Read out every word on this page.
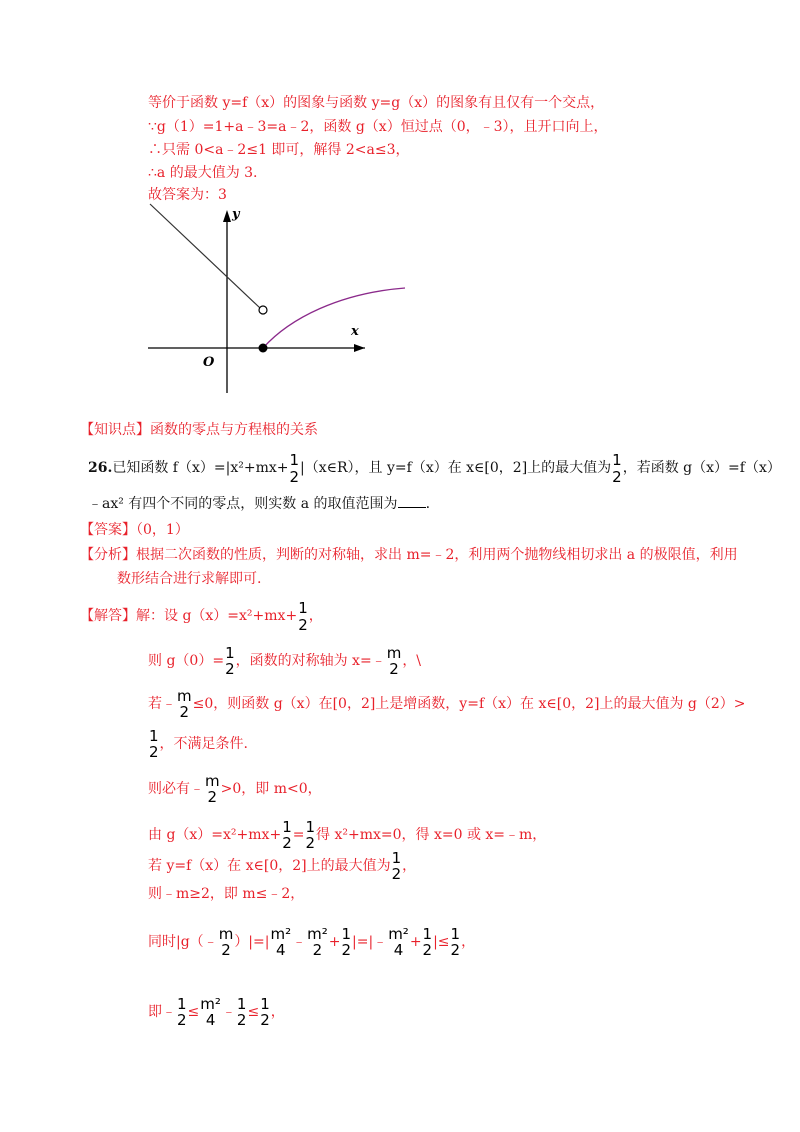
等价于函数 y=f（x）的图象与函数 y=g（x）的图象有且仅有一个交点，
∵g（1）=1+a﹣3=a﹣2，函数 g（x）恒过点（0，﹣3），且开口向上，
∴只需 0<a﹣2≤1 即可，解得 2<a≤3，
∴a 的最大值为 3.
故答案为：3
y
x
O
【知识点】函数的零点与方程根的关系
26.已知函数 f（x）=|x²+mx+ 1
2 |（x∈R），且 y=f（x）在 x∈[0，2]上的最大值为 1
2 ，若函数 g（x）=f（x）
﹣ax² 有四个不同的零点，则实数 a 的取值范围为 .
【答案】（0，1）
【分析】根据二次函数的性质，判断的对称轴，求出 m=﹣2，利用两个抛物线相切求出 a 的极限值，利用
数形结合进行求解即可.
【解答】解：设 g（x）=x²+mx+ 1
2 ，
则 g（0）= 1
2 ，函数的对称轴为 x=﹣ m
2 ，\
若﹣ m
2 ≤0，则函数 g（x）在[0，2]上是增函数，y=f（x）在 x∈[0，2]上的最大值为 g（2）>
1
2 ，不满足条件.
则必有﹣ m
2 >0，即 m<0，
由 g（x）=x²+mx+ 1
2 = 1
2 得 x²+mx=0，得 x=0 或 x=﹣m，
若 y=f（x）在 x∈[0，2]上的最大值为 1
2 ，
则﹣m≥2，即 m≤﹣2，
同时|g（﹣ m
2 ）|=| m²
4 ﹣ m²
2 + 1
2 |=|﹣ m²
4 + 1
2 |≤ 1
2 ，
即﹣ 1
2 ≤ m²
4 ﹣ 1
2 ≤ 1
2 ，
